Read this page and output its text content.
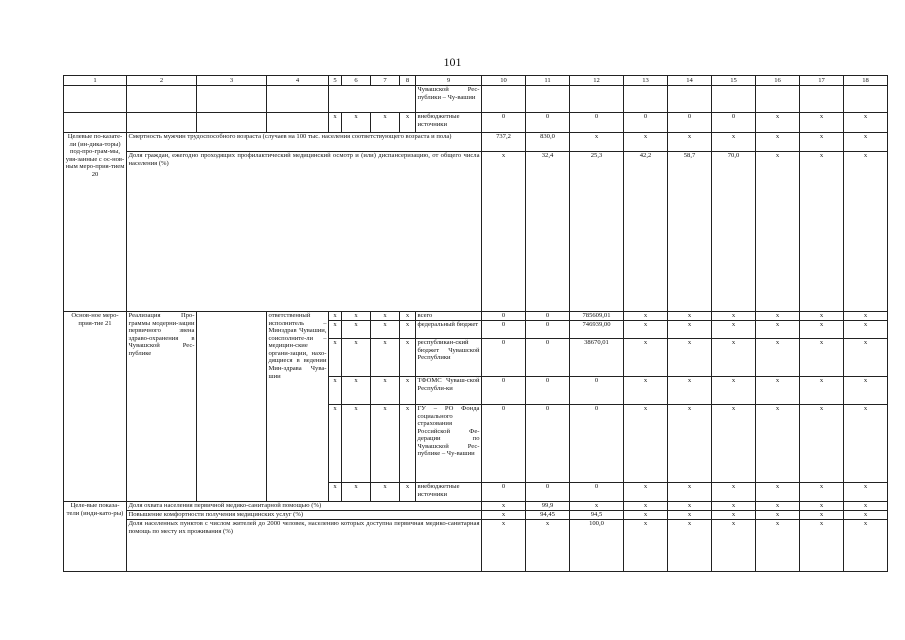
101
1	2	3	4	5	6	7	8	9	10	11	12	13	14	15	16	17	18
								Чувашской Рес-публики – Чу-вашии									
				x	x	x	x	внебюджетные источники	0	0	0	0	0	0	x	x	x
Целевые по-казате-ли (ин-дика-торы) под-про-грам-мы, увя-занные с ос-нов-ным меро-прия-тием 20	Смертность мужчин трудоспособного возраста (случаев на 100 тыс. населения соответствующего возраста и пола)								737,2	830,0	x	x	x	x	x	x	x
	Доля граждан, ежегодно проходящих профилактический медицинский осмотр и (или) диспансеризацию, от общего числа населения (%)								x	32,4	25,3	42,2	58,7	70,0	x	x	x
Основ-ное меро-прия-тие 21	Реализация Про-граммы модерни-зации первичного звена здраво-охранения в Чувашской Рес-публике		ответственный исполнитель – Минздрав Чувашии, соисполните-ли – медицин-ские органи-зации, нахо-дящиеся в ведении Мин-здрава Чува-шии	x	x	x	x	всего	0	0	785609,01	x	x	x	x	x	x
				x	x	x	x	федеральный бюджет	0	0	746939,00	x	x	x	x	x	x
				x	x	x	x	республикан-ский бюджет Чувашской Республики	0	0	38670,01	x	x	x	x	x	x
				x	x	x	x	ТФОМС Чуваш-ской Республи-ки	0	0	0	x	x	x	x	x	x
				x	x	x	x	ГУ – РО Фонда социального страхования Российской Фе-дерации по Чувашской Рес-публике – Чу-вашии	0	0	0	x	x	x	x	x	x
				x	x	x	x	внебюджетные источники	0	0	0	x	x	x	x	x	x
Целе-вые показа-тели (инди-като-ры)	Доля охвата населения первичной медико-санитарной помощью (%)								x	99,9	x	x	x	x	x	x	x
	Повышение комфортности получения медицинских услуг (%)								x	94,45	94,5	x	x	x	x	x	x
	Доля населенных пунктов с числом жителей до 2000 человек, населению которых доступна первичная медико-санитарная помощь по месту их проживания (%)								x	x	100,0	x	x	x	x	x	x
